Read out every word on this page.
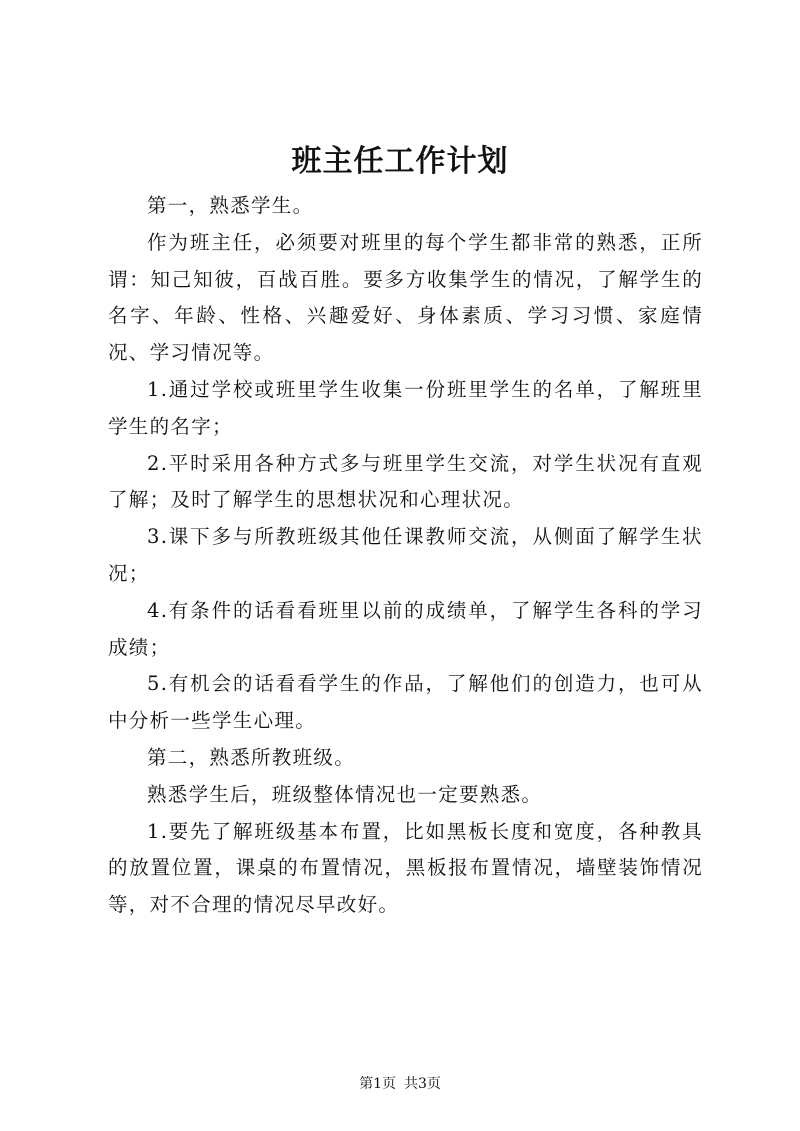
班主任工作计划

第一，熟悉学生。

作为班主任，必须要对班里的每个学生都非常的熟悉，正所谓：知己知彼，百战百胜。要多方收集学生的情况，了解学生的名字、年龄、性格、兴趣爱好、身体素质、学习习惯、家庭情况、学习情况等。

1.通过学校或班里学生收集一份班里学生的名单，了解班里学生的名字；

2.平时采用各种方式多与班里学生交流，对学生状况有直观了解；及时了解学生的思想状况和心理状况。

3.课下多与所教班级其他任课教师交流，从侧面了解学生状况；

4.有条件的话看看班里以前的成绩单，了解学生各科的学习成绩；

5.有机会的话看看学生的作品，了解他们的创造力，也可从中分析一些学生心理。

第二，熟悉所教班级。

熟悉学生后，班级整体情况也一定要熟悉。

1.要先了解班级基本布置，比如黑板长度和宽度，各种教具的放置位置，课桌的布置情况，黑板报布置情况，墙壁装饰情况等，对不合理的情况尽早改好。

第1页 共3页
